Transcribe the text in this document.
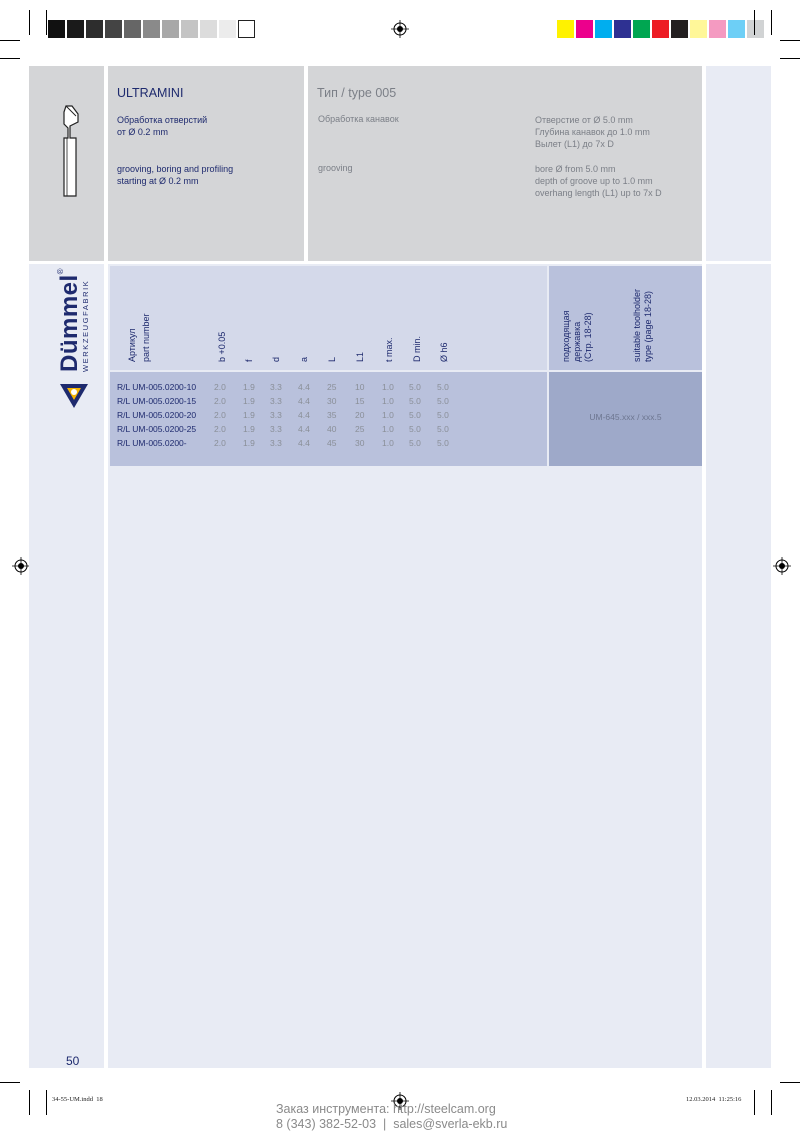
ULTRAMINI
Обработка отверстий
от Ø 0.2 mm
grooving, boring and profiling
starting at Ø 0.2 mm
Тип / type 005
Обработка канавок
grooving
Отверстие от Ø 5.0 mm
Глубина канавок до 1.0 mm
Вылет (L1) до 7x D
bore Ø from 5.0 mm
depth of groove up to 1.0 mm
overhang length (L1) up to 7x D
Dümmel®
WERKZEUGFABRIK	Артикул part number	b +0.05 f d a L L1 t max. D min. Ø h6	подходящая державка (Стр. 18-28)	suitable toolholder type (page 18-28)
R/L UM-005.0200-10 2.0 1.9 3.3 4.4 25 10 1.0 5.0 5.0
R/L UM-005.0200-15 2.0 1.9 3.3 4.4 30 15 1.0 5.0 5.0
R/L UM-005.0200-20 2.0 1.9 3.3 4.4 35 20 1.0 5.0 5.0
R/L UM-005.0200-25 2.0 1.9 3.3 4.4 40 25 1.0 5.0 5.0
R/L UM-005.0200-	2.0 1.9 3.3 4.4 45 30 1.0 5.0 5.0
UM-645.xxx / xxx.5
50
34-55-UM.indd  18	12.03.2014  11:25:16
Заказ инструмента: http://steelcam.org
8 (343) 382-52-03  |  sales@sverla-ekb.ru
